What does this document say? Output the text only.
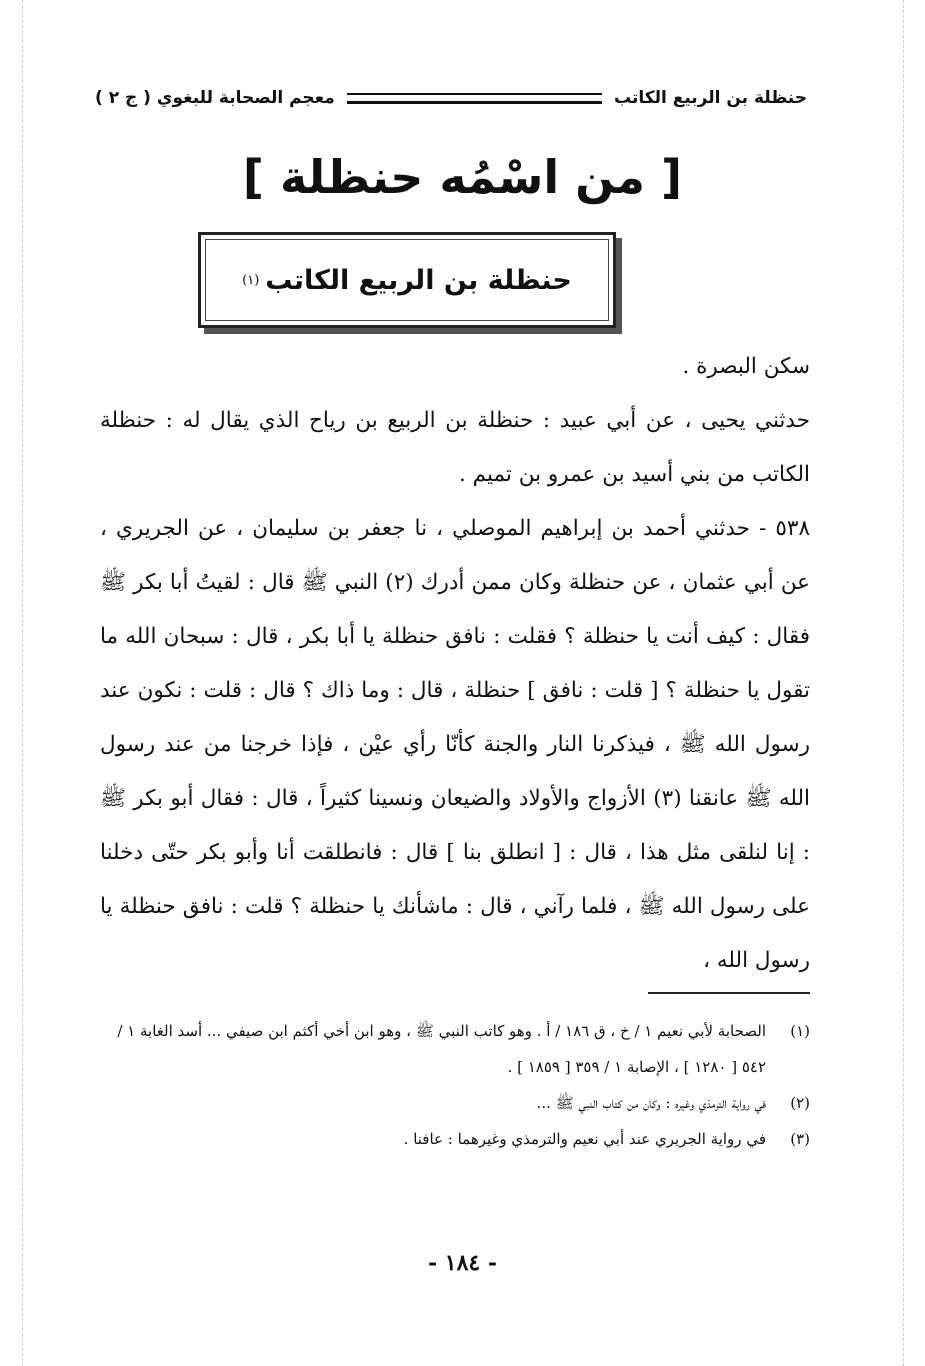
معجم الصحابة للبغوي ( ج ٢ )	حنظلة بن الربيع الكاتب
[ من اسْمُه حنظلة ]
حنظلة بن الربيع الكاتب
(١)

سكن البصرة .

حدثني يحيى ، عن أبي عبيد : حنظلة بن الربيع بن رياح الذي يقال له : حنظلة الكاتب من بني أسيد بن عمرو بن تميم .

٥٣٨ - حدثني أحمد بن إبراهيم الموصلي ، نا جعفر بن سليمان ، عن الجريري ، عن أبي عثمان ، عن حنظلة وكان ممن أدرك (٢) النبي ﷺ قال : لقيتُ أبا بكر ﷺ فقال : كيف أنت يا حنظلة ؟ فقلت : نافق حنظلة يا أبا بكر ، قال : سبحان الله ما تقول يا حنظلة ؟ [ قلت : نافق ] حنظلة ، قال : وما ذاك ؟ قال : قلت : نكون عند رسول الله ﷺ ، فيذكرنا النار والجنة كأنّا رأي عيْن ، فإذا خرجنا من عند رسول الله ﷺ عانقنا (٣) الأزواج والأولاد والضيعان ونسينا كثيراً ، قال : فقال أبو بكر ﷺ : إنا لنلقى مثل هذا ، قال : [ انطلق بنا ] قال : فانطلقت أنا وأبو بكر حتّى دخلنا على رسول الله ﷺ ، فلما رآني ، قال : ماشأنك يا حنظلة ؟ قلت : نافق حنظلة يا رسول الله ،

(١)
الصحابة لأبي نعيم ١ / خ ، ق ١٨٦ / أ . وهو كاتب النبي ﷺ ، وهو ابن أخي أكثم ابن صيفي ... أسد الغابة ١ / ٥٤٢ [ ١٢٨٠ ] ، الإصابة ١ / ٣٥٩ [ ١٨٥٩ ] .
(٢)
في رواية الترمذي وغيره : وكان من كتاب النبي ﷺ ...
(٣)
في رواية الجريري عند أبي نعيم والترمذي وغيرهما : عافنا .
- ١٨٤ -
